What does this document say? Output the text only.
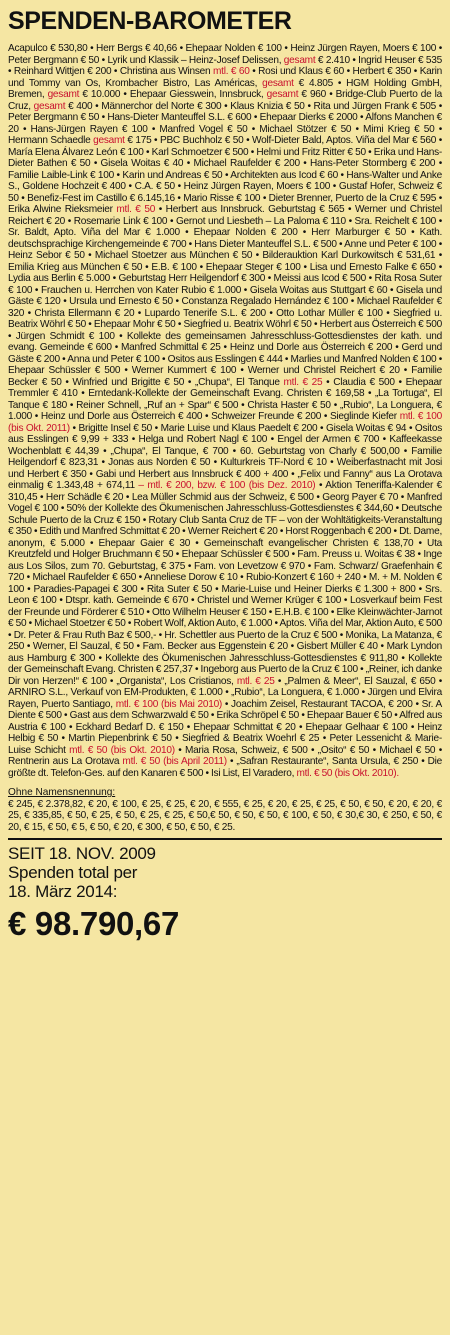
SPENDEN-BAROMETER
Acapulco € 530,80 • Herr Bergs € 40,66 • Ehepaar Nolden € 100 • Heinz Jürgen Rayen, Moers € 100 • Peter Bergmann € 50 • Lyrik und Klassik – Heinz-Josef Delissen, gesamt € 2.410 • Ingrid Heuser € 535 • Reinhard Wittjen € 200 • Christina aus Winsen mtl. € 60 • Rosi und Klaus € 60 • Herbert € 350 • Karin und Tommy van Os, Krombacher Bistro, Las Américas, gesamt € 4.805 • HGM Holding GmbH, Bremen, gesamt € 10.000 • Ehepaar Giesswein, Innsbruck, gesamt € 960 • Bridge-Club Puerto de la Cruz, gesamt € 400 • Männerchor del Norte € 300 • Klaus Knizia € 50 • Rita und Jürgen Frank € 505 • Peter Bergmann € 50 • Hans-Dieter Manteuffel S.L. € 600 • Ehepaar Dierks € 2000 • Alfons Manchen € 20 • Hans-Jürgen Rayen € 100 • Manfred Vogel € 50 • Michael Stötzer € 50 • Mimi Krieg € 50 • Hermann Schaedle gesamt € 175 • PBC Buchholz € 50 • Wolf-Dieter Bald, Aptos. Viña del Mar € 560 • María Elena Álvarez León € 100 • Karl Schmoetzer € 500 • Helmi und Fritz Ritter € 50 • Erika und Hans-Dieter Bathen € 50 • Gisela Woitas € 40 • Michael Raufelder € 200 • Hans-Peter Stormberg € 200 • Familie Laible-Link € 100 • Karin und Andreas € 50 • Architekten aus Icod € 60 • Hans-Walter und Anke S., Goldene Hochzeit € 400 • C.A. € 50 • Heinz Jürgen Rayen, Moers € 100 • Gustaf Hofer, Schweiz € 50 • Benefiz-Fest im Castillo € 6.145,16 • Mario Risse € 100 • Dieter Brenner, Puerto de la Cruz € 595 • Erika Alwine Rieksmeier mtl. € 50 • Herbert aus Innsbruck. Geburtstag € 565 • Werner und Christel Reichert € 20 • Rosemarie Link € 100 • Gernot und Liesbeth – La Paloma € 110 • Sra. Reichelt € 100 • Sr. Baldt, Apto. Viña del Mar € 1.000 • Ehepaar Nolden € 200 • Herr Marburger € 50 • Kath. deutschsprachige Kirchengemeinde € 700 • Hans Dieter Manteuffel S.L. € 500 • Anne und Peter € 100 • Heinz Sebor € 50 • Michael Stoetzer aus München € 50 • Bilderauktion Karl Durkowitsch € 531,61 • Emilia Krieg aus München € 50 • E.B. € 100 • Ehepaar Steger € 100 • Lisa und Ernesto Falke € 650 • Lydia aus Berlin € 5.000 • Geburtstag Herr Heilgendorf € 300 • Meissi aus Icod € 500 • Rita Rosa Suter € 100 • Frauchen u. Herrchen von Kater Rubio € 1.000 • Gisela Woitas aus Stuttgart € 60 • Gisela und Gäste € 120 • Ursula und Ernesto € 50 • Constanza Regalado Hernández € 100 • Michael Raufelder € 320 • Christa Ellermann € 20 • Lupardo Tenerife S.L. € 200 • Otto Lothar Müller € 100 • Siegfried u. Beatrix Wöhrl € 50 • Ehepaar Mohr € 50 • Siegfried u. Beatrix Wöhrl € 50 • Herbert aus Österreich € 500 • Jürgen Schmidt € 100 • Kollekte des gemeinsamen Jahresschluss-Gottesdienstes der kath. und evang. Gemeinde € 600 • Manfred Schmittal € 25 • Heinz und Dorle aus Österreich € 200 • Gerd und Gäste € 200 • Anna und Peter € 100 • Ositos aus Esslingen € 444 • Marlies und Manfred Nolden € 100 • Ehepaar Schüssler € 500 • Werner Kummert € 100 • Werner und Christel Reichert € 20 • Familie Becker € 50 • Winfried und Brigitte € 50 • „Chupa“, El Tanque mtl. € 25 • Claudia € 500 • Ehepaar Tremmler € 410 • Erntedank-Kollekte der Gemeinschaft Evang. Christen € 169,58 • „La Tortuga“, El Tanque € 180 • Reiner Schnell, „Ruf an + Spar“ € 500 • Christa Haster € 50 • „Rubio“, La Longuera, € 1.000 • Heinz und Dorle aus Österreich € 400 • Schweizer Freunde € 200 • Sieglinde Kiefer mtl. € 100 (bis Okt. 2011) • Brigitte Insel € 50 • Marie Luise und Klaus Paedelt € 200 • Gisela Woitas € 94 • Ositos aus Esslingen € 9,99 + 333 • Helga und Robert Nagl € 100 • Engel der Armen € 700 • Kaffeekasse Wochenblatt € 44,39 • „Chupa“, El Tanque, € 700 • 60. Geburtstag von Charly € 500,00 • Familie Heilgendorf € 823,31 • Jonas aus Norden € 50 • Kulturkreis TF-Nord € 10 • Weiberfastnacht mit Josi und Herbert € 350 • Gabi und Herbert aus Innsbruck € 400 + 400 • „Felix und Fanny“ aus La Orotava einmalig € 1.343,48 + 674,11 – mtl. € 200, bzw. € 100 (bis Dez. 2010) • Aktion Teneriffa-Kalender € 310,45 • Herr Schädle € 20 • Lea Müller Schmid aus der Schweiz, € 500 • Georg Payer € 70 • Manfred Vogel € 100 • 50% der Kollekte des Ökumenischen Jahresschluss-Gottesdienstes € 344,60 • Deutsche Schule Puerto de la Cruz € 150 • Rotary Club Santa Cruz de TF – von der Wohltätigkeits-Veranstaltung € 350 • Edith und Manfred Schmittat € 20 • Werner Reichert € 20 • Horst Roggenbach € 200 • Dt. Dame, anonym, € 5.000 • Ehepaar Gaier € 30 • Gemeinschaft evangelischer Christen € 138,70 • Uta Kreutzfeld und Holger Bruchmann € 50 • Ehepaar Schüssler € 500 • Fam. Preuss u. Woitas € 38 • Inge aus Los Silos, zum 70. Geburtstag, € 375 • Fam. von Levetzow € 970 • Fam. Schwarz/ Graefenhain € 720 • Michael Raufelder € 650 • Anneliese Dorow € 10 • Rubio-Konzert € 160 + 240 • M. + M. Nolden € 100 • Paradies-Papagei € 300 • Rita Suter € 50 • Marie-Luise und Heiner Dierks € 1.300 + 800 • Srs. Leon € 100 • Dtspr. kath. Gemeinde € 670 • Christel und Werner Krüger € 100 • Losverkauf beim Fest der Freunde und Förderer € 510 • Otto Wilhelm Heuser € 150 • E.H.B. € 100 • Elke Kleinwächter-Jarnot € 50 • Michael Stoetzer € 50 • Robert Wolf, Aktion Auto, € 1.000 • Aptos. Viña del Mar, Aktion Auto, € 500 • Dr. Peter & Frau Ruth Baz € 500,- • Hr. Schettler aus Puerto de la Cruz € 500 • Monika, La Matanza, € 250 • Werner, El Sauzal, € 50 • Fam. Becker aus Eggenstein € 20 • Gisbert Müller € 40 • Mark Lyndon aus Hamburg € 300 • Kollekte des Ökumenischen Jahresschluss-Gottesdienstes € 911,80 • Kollekte der Gemeinschaft Evang. Christen € 257,37 • Ingeborg aus Puerto de la Cruz € 100 • „Reiner, ich danke Dir von Herzen!“ € 100 • „Organista“, Los Cristianos, mtl. € 25 • „Palmen & Meer“, El Sauzal, € 650 • ARNIRO S.L., Verkauf von EM-Produkten, € 1.000 • „Rubio“, La Longuera, € 1.000 • Jürgen und Elvira Rayen, Puerto Santiago, mtl. € 100 (bis Mai 2010) • Joachim Zeisel, Restaurant TACOA, € 200 • Sr. A Diente € 500 • Gast aus dem Schwarzwald € 50 • Erika Schröpel € 50 • Ehepaar Bauer € 50 • Alfred aus Austria € 100 • Eckhard Bedarf D. € 150 • Ehepaar Schmittat € 20 • Ehepaar Gelhaar € 100 • Heinz Helbig € 50 • Martin Piepenbrink € 50 • Siegfried & Beatrix Woehrl € 25 • Peter Lessenicht & Marie-Luise Schicht mtl. € 50 (bis Okt. 2010) • Maria Rosa, Schweiz, € 500 • „Osito“ € 50 • Michael € 50 • Rentnerin aus La Orotava mtl. € 50 (bis April 2011) • „Safran Restaurante“, Santa Ursula, € 250 • Die größte dt. Telefon-Ges. auf den Kanaren € 500 • Isi List, El Varadero, mtl. € 50 (bis Okt. 2010).
Ohne Namensnennung:
€ 245, € 2.378,82, € 20, € 100, € 25, € 25, € 20, € 555, € 25, € 20, € 25, € 25, € 50, € 50, € 20, € 20, € 25, € 335,85, € 50, € 25, € 50, € 25, € 25, € 50,€ 50, € 50, € 50, € 100, € 50, € 30,€ 30, € 250, € 50, € 20, € 15, € 50, € 5, € 50, € 20, € 300, € 50, € 50, € 25.
SEIT 18. NOV. 2009
Spenden total per
18. März 2014:
€ 98.790,67
